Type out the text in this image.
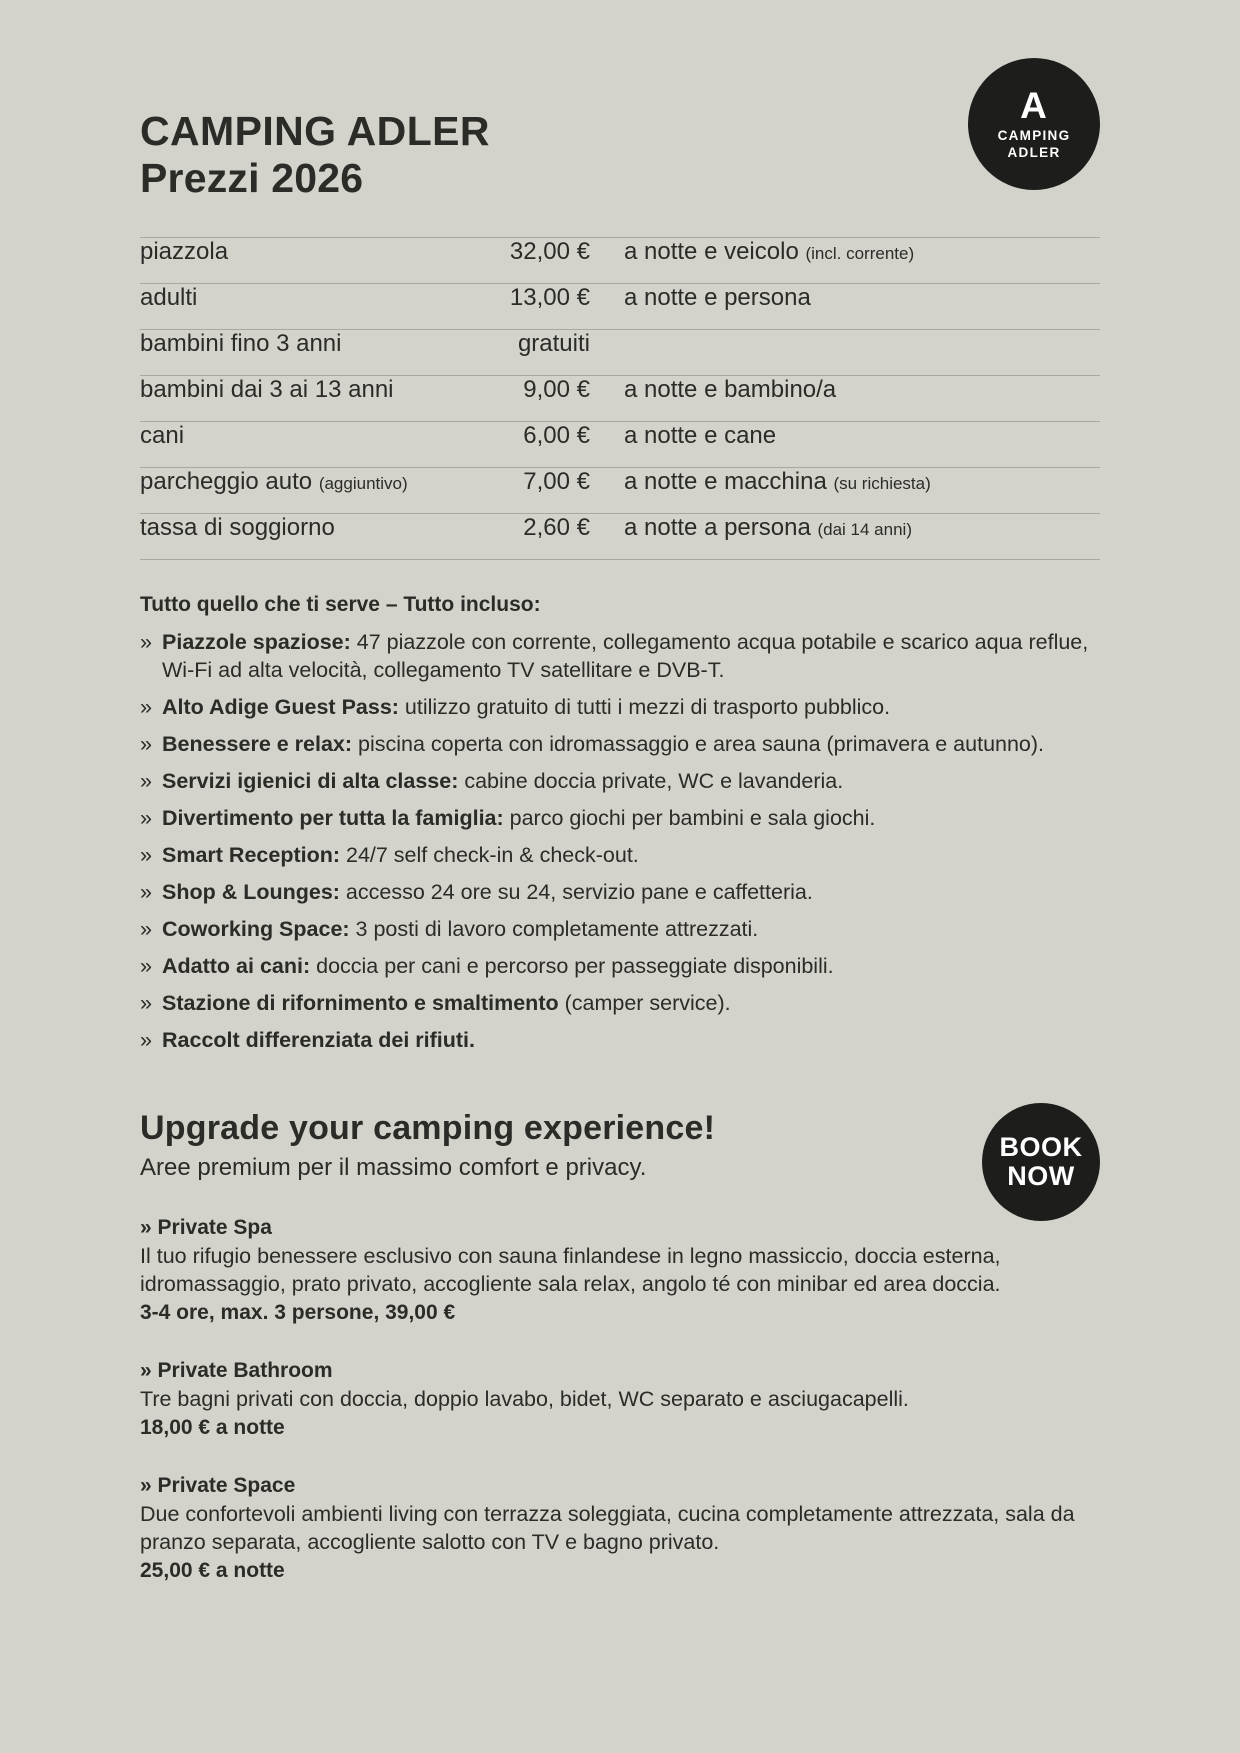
CAMPING ADLER
Prezzi 2026
A
CAMPING
ADLER
piazzola	32,00 €	a notte e veicolo (incl. corrente)
adulti	13,00 €	a notte e persona
bambini fino 3 anni	gratuiti
bambini dai 3 ai 13 anni	9,00 €	a notte e bambino/a
cani	6,00 €	a notte e cane
parcheggio auto (aggiuntivo)	7,00 €	a notte e macchina (su richiesta)
tassa di soggiorno	2,60 €	a notte a persona (dai 14 anni)
Tutto quello che ti serve – Tutto incluso:
» Piazzole spaziose: 47 piazzole con corrente, collegamento acqua potabile e scarico aqua reflue, Wi-Fi ad alta velocità, collegamento TV satellitare e DVB-T.
» Alto Adige Guest Pass: utilizzo gratuito di tutti i mezzi di trasporto pubblico.
» Benessere e relax: piscina coperta con idromassaggio e area sauna (primavera e autunno).
» Servizi igienici di alta classe: cabine doccia private, WC e lavanderia.
» Divertimento per tutta la famiglia: parco giochi per bambini e sala giochi.
» Smart Reception: 24/7 self check-in & check-out.
» Shop & Lounges: accesso 24 ore su 24, servizio pane e caffetteria.
» Coworking Space: 3 posti di lavoro completamente attrezzati.
» Adatto ai cani: doccia per cani e percorso per passeggiate disponibili.
» Stazione di rifornimento e smaltimento (camper service).
» Raccolt differenziata dei rifiuti.
Upgrade your camping experience!
Aree premium per il massimo comfort e privacy.
BOOK
NOW
» Private Spa
Il tuo rifugio benessere esclusivo con sauna finlandese in legno massiccio, doccia esterna, idromassaggio, prato privato, accogliente sala relax, angolo té con minibar ed area doccia.
3-4 ore, max. 3 persone, 39,00 €
» Private Bathroom
Tre bagni privati con doccia, doppio lavabo, bidet, WC separato e asciugacapelli.
18,00 € a notte
» Private Space
Due confortevoli ambienti living con terrazza soleggiata, cucina completamente attrezzata, sala da pranzo separata, accogliente salotto con TV e bagno privato.
25,00 € a notte
